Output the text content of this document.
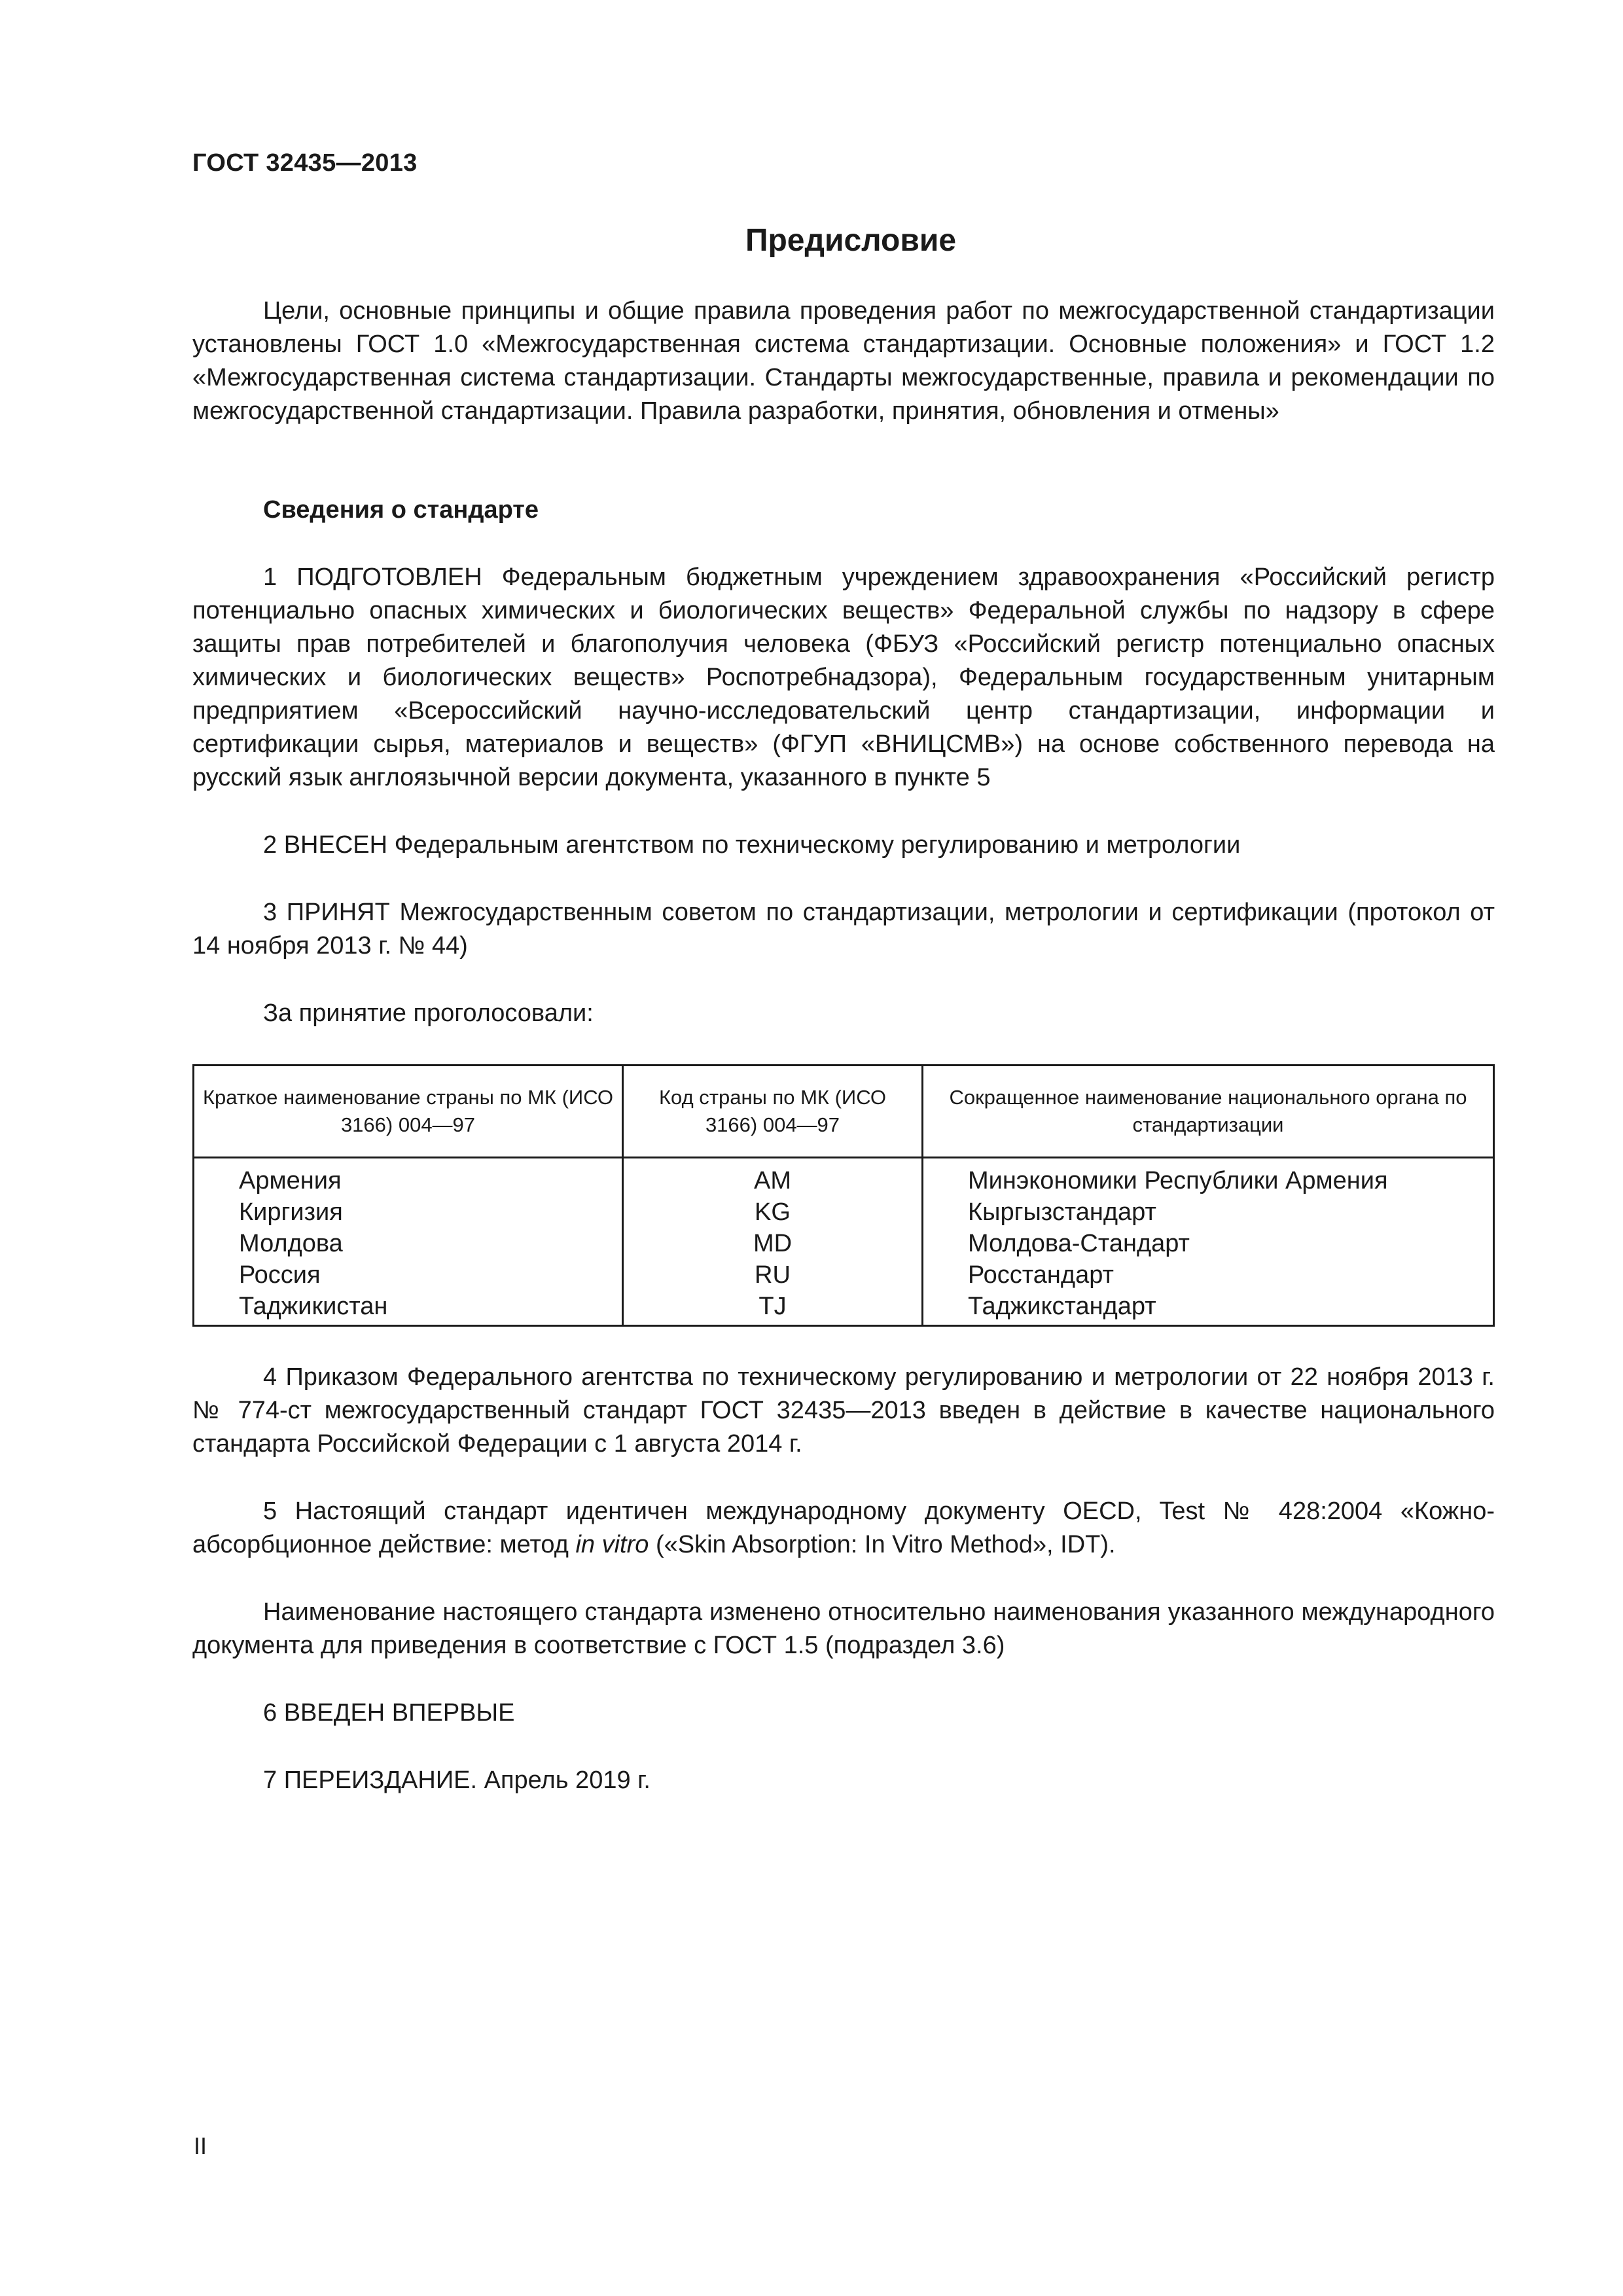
ГОСТ 32435—2013
Предисловие

Цели, основные принципы и общие правила проведения работ по межгосударственной стандартизации установлены ГОСТ 1.0 «Межгосударственная система стандартизации. Основные положения» и ГОСТ 1.2 «Межгосударственная система стандартизации. Стандарты межгосударственные, правила и рекомендации по межгосударственной стандартизации. Правила разработки, принятия, обновления и отмены»

Сведения о стандарте

1 ПОДГОТОВЛЕН Федеральным бюджетным учреждением здравоохранения «Российский регистр потенциально опасных химических и биологических веществ» Федеральной службы по надзору в сфере защиты прав потребителей и благополучия человека (ФБУЗ «Российский регистр потенциально опасных химических и биологических веществ» Роспотребнадзора), Федеральным государственным унитарным предприятием «Всероссийский научно-исследовательский центр стандартизации, информации и сертификации сырья, материалов и веществ» (ФГУП «ВНИЦСМВ») на основе собственного перевода на русский язык англоязычной версии документа, указанного в пункте 5

2 ВНЕСЕН Федеральным агентством по техническому регулированию и метрологии

3 ПРИНЯТ Межгосударственным советом по стандартизации, метрологии и сертификации (протокол от 14 ноября 2013 г. № 44)

За принятие проголосовали:

Краткое наименование страны по МК (ИСО 3166) 004—97	Код страны по МК (ИСО 3166) 004—97	Сокращенное наименование национального органа по стандартизации
Армения	AM	Минэкономики Республики Армения
Киргизия	KG	Кыргызстандарт
Молдова	MD	Молдова-Стандарт
Россия	RU	Росстандарт
Таджикистан	TJ	Таджикстандарт

4 Приказом Федерального агентства по техническому регулированию и метрологии от 22 ноября 2013 г. № 774-ст межгосударственный стандарт ГОСТ 32435—2013 введен в действие в качестве национального стандарта Российской Федерации с 1 августа 2014 г.

5 Настоящий стандарт идентичен международному документу OECD, Test № 428:2004 «Кожно-абсорбционное действие: метод in vitro («Skin Absorption: In Vitro Method», IDT).

Наименование настоящего стандарта изменено относительно наименования указанного международного документа для приведения в соответствие с ГОСТ 1.5 (подраздел 3.6)

6 ВВЕДЕН ВПЕРВЫЕ

7 ПЕРЕИЗДАНИЕ. Апрель 2019 г.

II
